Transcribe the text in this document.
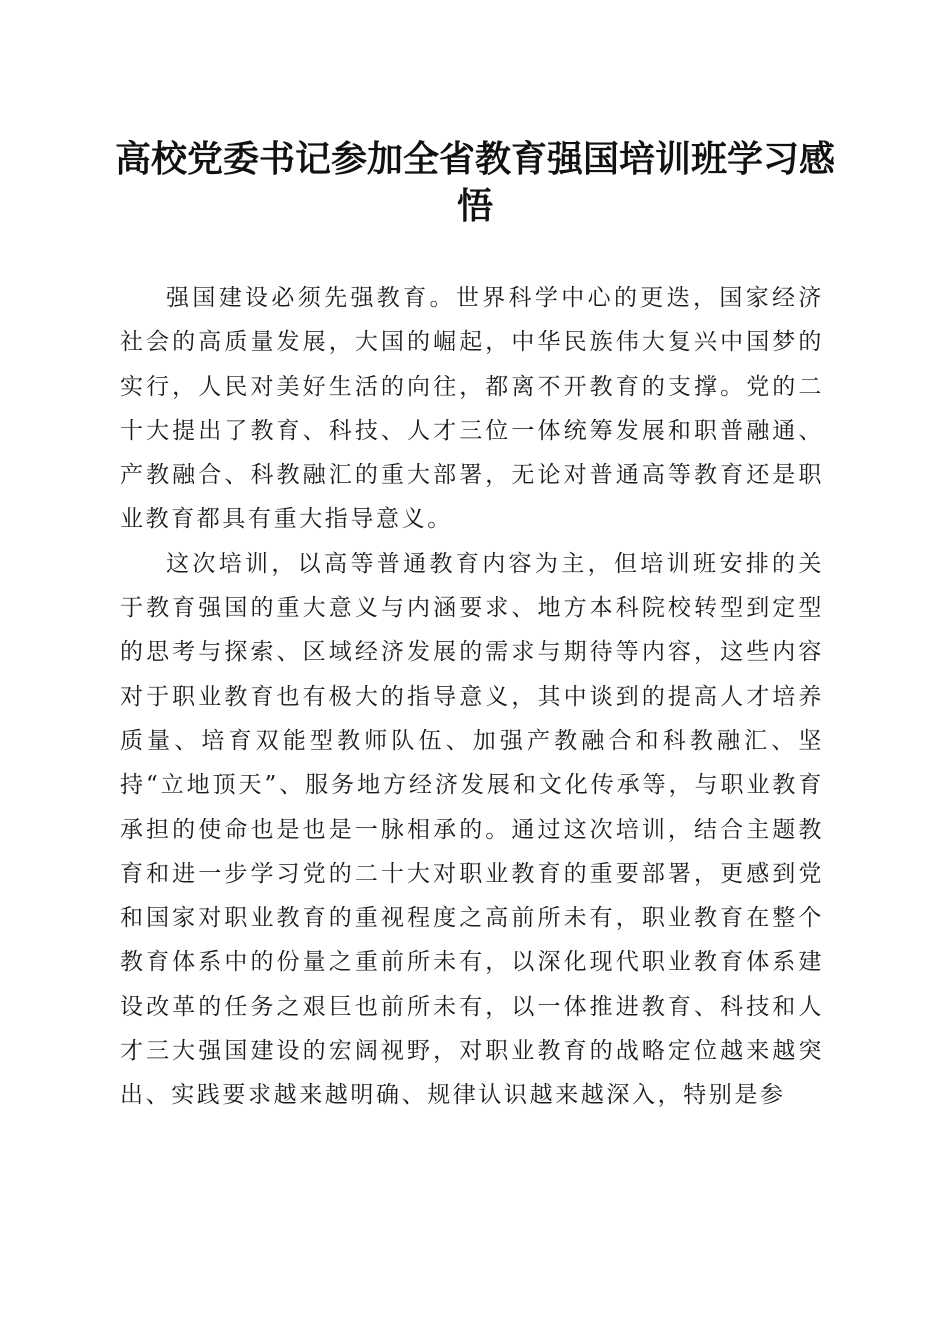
高校党委书记参加全省教育强国培训班学习感悟

强国建设必须先强教育。世界科学中心的更迭，国家经济社会的高质量发展，大国的崛起，中华民族伟大复兴中国梦的实行，人民对美好生活的向往，都离不开教育的支撑。党的二十大提出了教育、科技、人才三位一体统筹发展和职普融通、产教融合、科教融汇的重大部署，无论对普通高等教育还是职业教育都具有重大指导意义。

这次培训，以高等普通教育内容为主，但培训班安排的关于教育强国的重大意义与内涵要求、地方本科院校转型到定型的思考与探索、区域经济发展的需求与期待等内容，这些内容对于职业教育也有极大的指导意义，其中谈到的提高人才培养质量、培育双能型教师队伍、加强产教融合和科教融汇、坚持“立地顶天”、服务地方经济发展和文化传承等，与职业教育承担的使命也是也是一脉相承的。通过这次培训，结合主题教育和进一步学习党的二十大对职业教育的重要部署，更感到党和国家对职业教育的重视程度之高前所未有，职业教育在整个教育体系中的份量之重前所未有，以深化现代职业教育体系建设改革的任务之艰巨也前所未有，以一体推进教育、科技和人才三大强国建设的宏阔视野，对职业教育的战略定位越来越突出、实践要求越来越明确、规律认识越来越深入，特别是参
